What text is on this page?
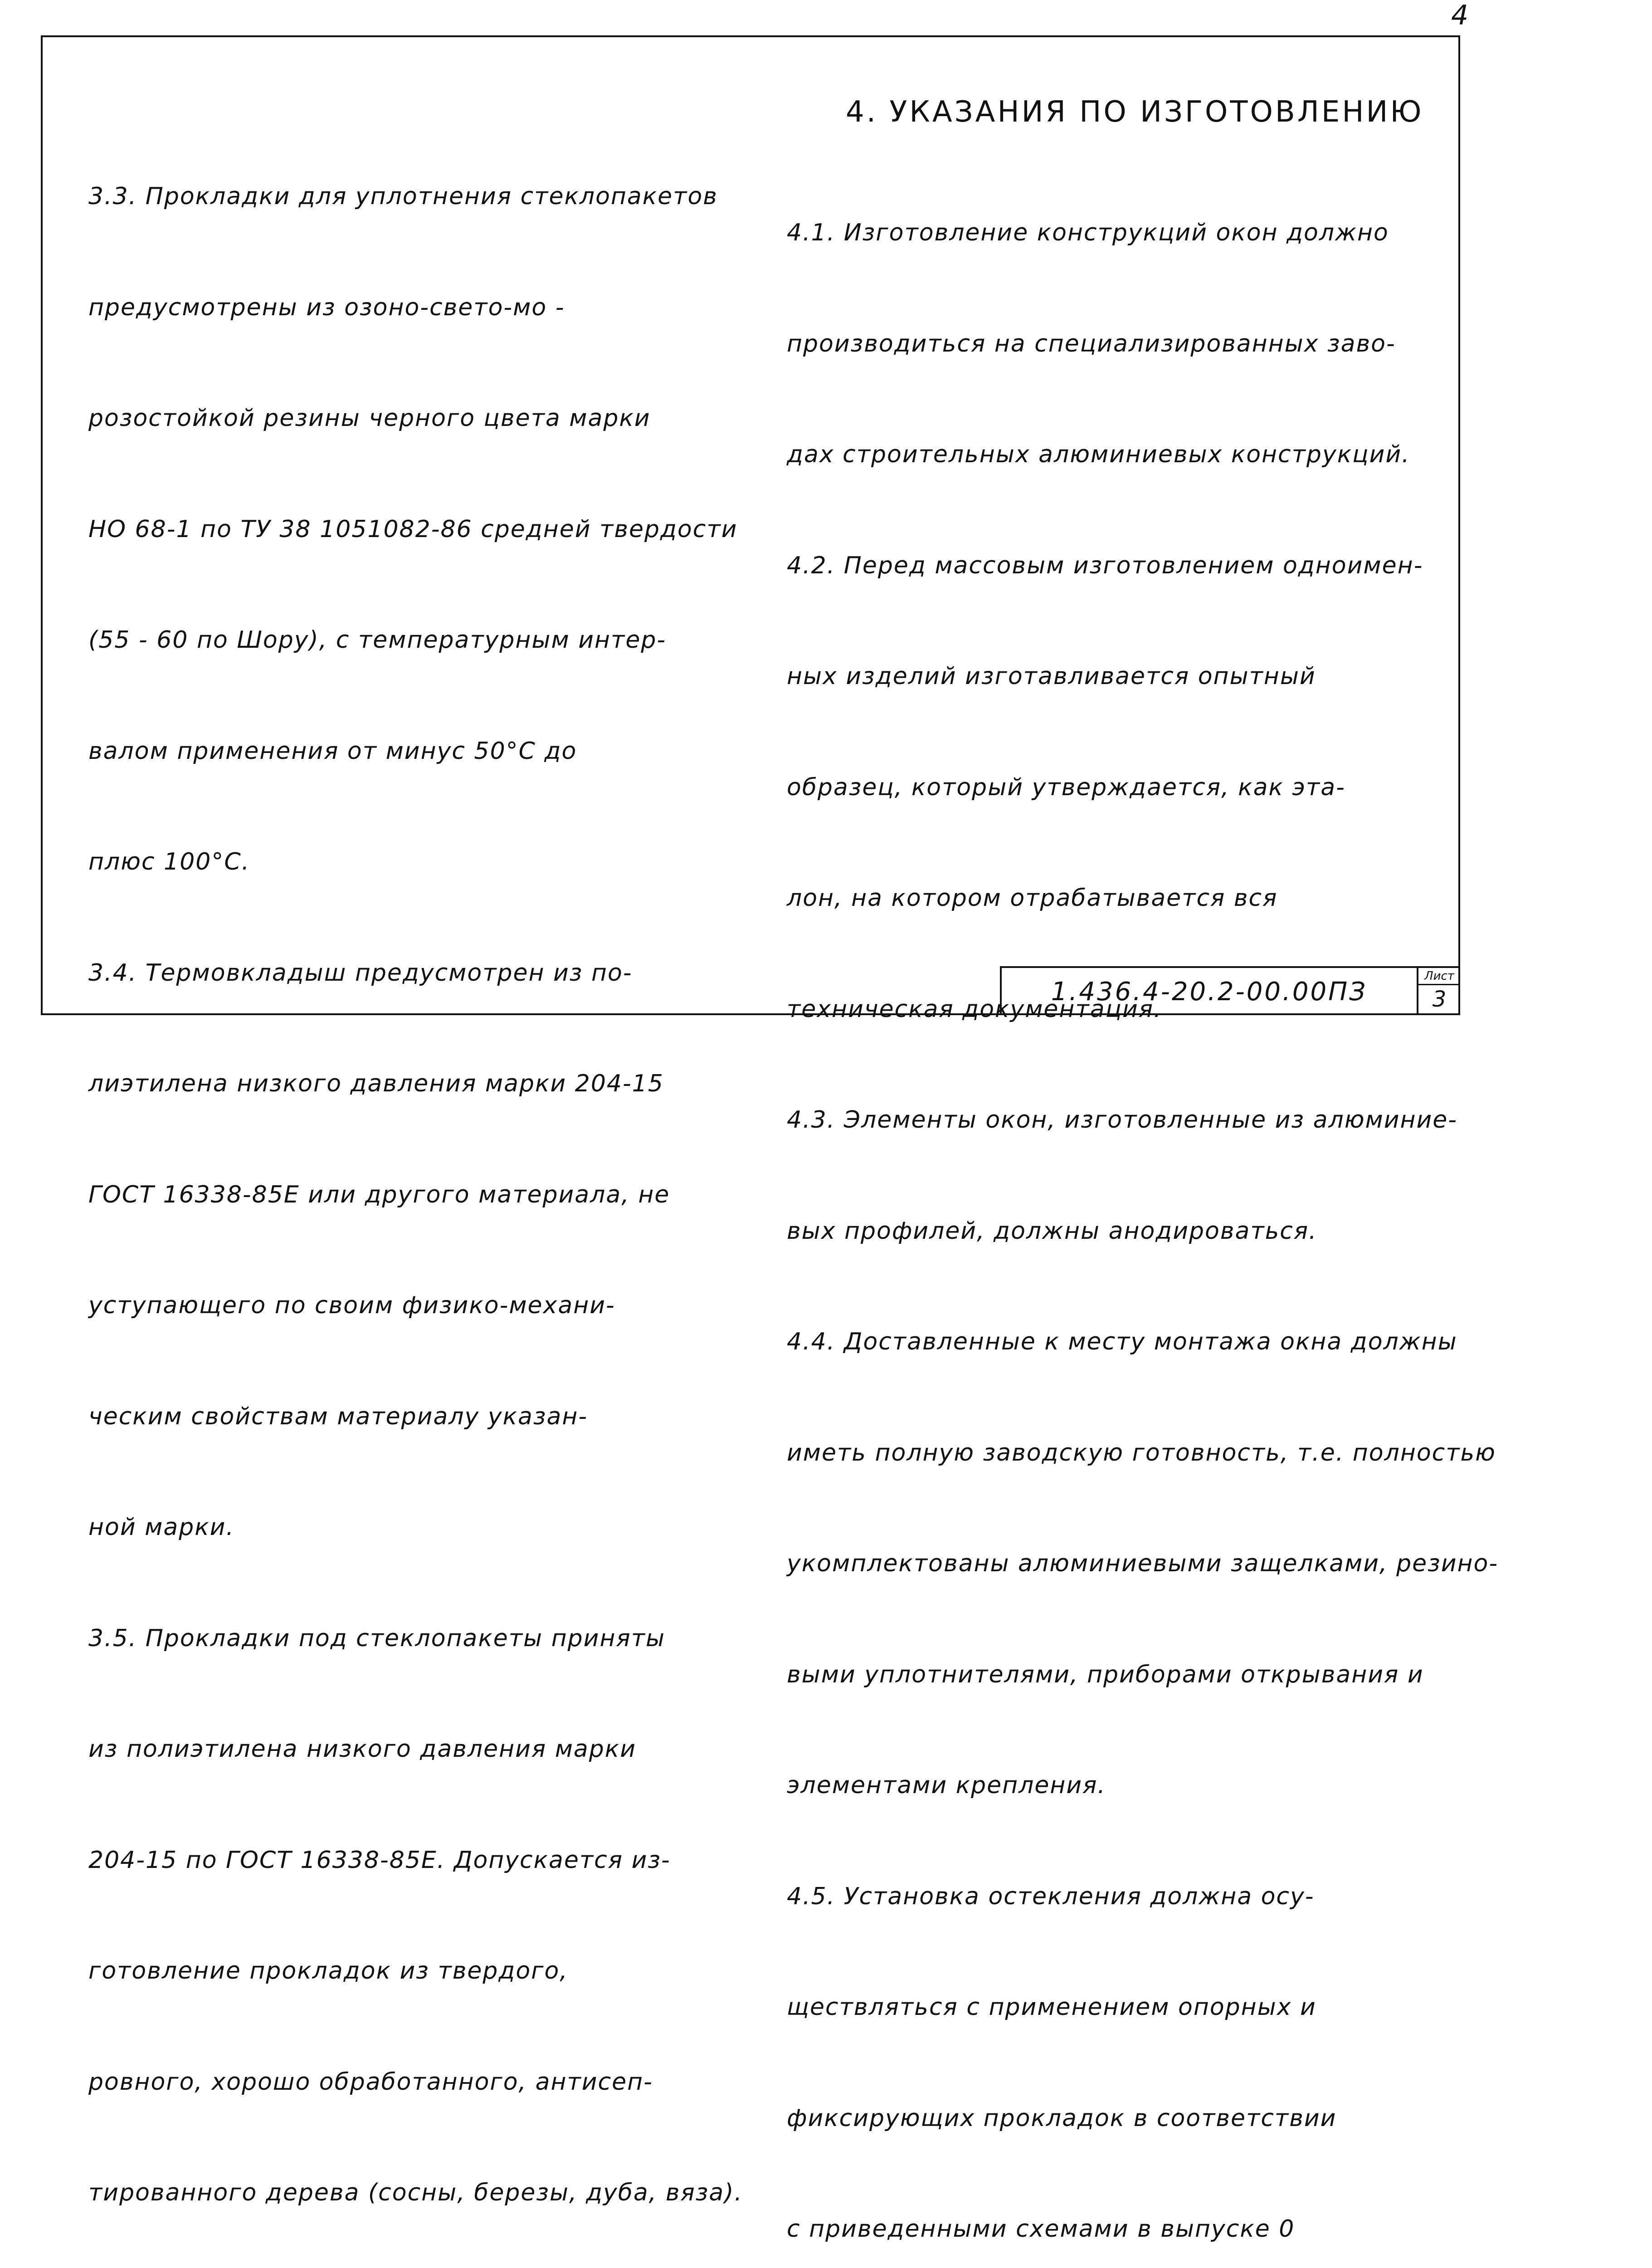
4

3.3. Прокладки для уплотнения стеклопакетов

предусмотрены из озоно-свето-мо -

розостойкой резины черного цвета марки

НО 68-1 по ТУ 38 1051082-86 средней твердости

(55 - 60 по Шору), с температурным интер-

валом применения от минус 50°С до

плюс 100°С.

3.4. Термовкладыш предусмотрен из по-

лиэтилена низкого давления марки 204-15

ГОСТ 16338-85Е или другого материала, не

уступающего по своим физико-механи-

ческим свойствам материалу указан-

ной марки.

3.5. Прокладки под стеклопакеты приняты

из полиэтилена низкого давления марки

204-15 по ГОСТ 16338-85Е. Допускается из-

готовление прокладок из твердого,

ровного, хорошо обработанного, антисеп-

тированного дерева (сосны, березы, дуба, вяза).

4. УКАЗАНИЯ ПО ИЗГОТОВЛЕНИЮ

4.1. Изготовление конструкций окон должно

производиться на специализированных заво-

дах строительных алюминиевых конструкций.

4.2. Перед массовым изготовлением одноимен-

ных изделий изготавливается опытный

образец, который утверждается, как эта-

лон, на котором отрабатывается вся

техническая документация.

4.3. Элементы окон, изготовленные из алюминие-

вых профилей, должны анодироваться.

4.4. Доставленные к месту монтажа окна должны

иметь полную заводскую готовность, т.е. полностью

укомплектованы алюминиевыми защелками, резино-

выми уплотнителями, приборами открывания и

элементами крепления.

4.5. Установка остекления должна осу-

ществляться с применением опорных и

фиксирующих прокладок в соответствии

с приведенными схемами в выпуске 0

1.436.4-20.2-00.00ПЗ
Лист
3
